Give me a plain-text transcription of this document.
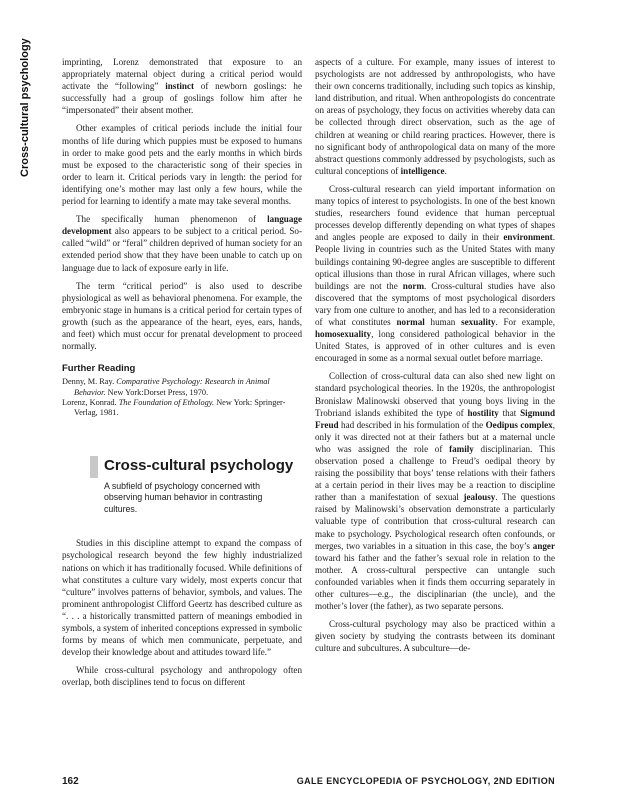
Cross-cultural psychology	imprinting, Lorenz demonstrated that exposure to an appropriately maternal object during a critical period would activate the “following” instinct of newborn goslings: he successfully had a group of goslings follow him after he “impersonated” their absent mother.

Other examples of critical periods include the initial four months of life during which puppies must be exposed to humans in order to make good pets and the early months in which birds must be exposed to the characteristic song of their species in order to learn it. Critical periods vary in length: the period for identifying one’s mother may last only a few hours, while the period for learning to identify a mate may take several months.

The specifically human phenomenon of language development also appears to be subject to a critical period. So-called “wild” or “feral” children deprived of human society for an extended period show that they have been unable to catch up on language due to lack of exposure early in life.

The term “critical period” is also used to describe physiological as well as behavioral phenomena. For example, the embryonic stage in humans is a critical period for certain types of growth (such as the appearance of the heart, eyes, ears, hands, and feet) which must occur for prenatal development to proceed normally.

Further Reading
Denny, M. Ray. Comparative Psychology: Research in Animal Behavior. New York:Dorset Press, 1970.
Lorenz, Konrad. The Foundation of Ethology. New York: Springer-Verlag, 1981.
Cross-cultural psychology
A subfield of psychology concerned with observing human behavior in contrasting cultures.

Studies in this discipline attempt to expand the compass of psychological research beyond the few highly industrialized nations on which it has traditionally focused. While definitions of what constitutes a culture vary widely, most experts concur that “culture” involves patterns of behavior, symbols, and values. The prominent anthropologist Clifford Geertz has described culture as “. . . a historically transmitted pattern of meanings embodied in symbols, a system of inherited conceptions expressed in symbolic forms by means of which men communicate, perpetuate, and develop their knowledge about and attitudes toward life.”

While cross-cultural psychology and anthropology often overlap, both disciplines tend to focus on different

aspects of a culture. For example, many issues of interest to psychologists are not addressed by anthropologists, who have their own concerns traditionally, including such topics as kinship, land distribution, and ritual. When anthropologists do concentrate on areas of psychology, they focus on activities whereby data can be collected through direct observation, such as the age of children at weaning or child rearing practices. However, there is no significant body of anthropological data on many of the more abstract questions commonly addressed by psychologists, such as cultural conceptions of intelligence.

Cross-cultural research can yield important information on many topics of interest to psychologists. In one of the best known studies, researchers found evidence that human perceptual processes develop differently depending on what types of shapes and angles people are exposed to daily in their environment. People living in countries such as the United States with many buildings containing 90-degree angles are susceptible to different optical illusions than those in rural African villages, where such buildings are not the norm. Cross-cultural studies have also discovered that the symptoms of most psychological disorders vary from one culture to another, and has led to a reconsideration of what constitutes normal human sexuality. For example, homosexuality, long considered pathological behavior in the United States, is approved of in other cultures and is even encouraged in some as a normal sexual outlet before marriage.

Collection of cross-cultural data can also shed new light on standard psychological theories. In the 1920s, the anthropologist Bronislaw Malinowski observed that young boys living in the Trobriand islands exhibited the type of hostility that Sigmund Freud had described in his formulation of the Oedipus complex, only it was directed not at their fathers but at a maternal uncle who was assigned the role of family disciplinarian. This observation posed a challenge to Freud’s oedipal theory by raising the possibility that boys’ tense relations with their fathers at a certain period in their lives may be a reaction to discipline rather than a manifestation of sexual jealousy. The questions raised by Malinowski’s observation demonstrate a particularly valuable type of contribution that cross-cultural research can make to psychology. Psychological research often confounds, or merges, two variables in a situation in this case, the boy’s anger toward his father and the father’s sexual role in relation to the mother. A cross-cultural perspective can untangle such confounded variables when it finds them occurring separately in other cultures—e.g., the disciplinarian (the uncle), and the mother’s lover (the father), as two separate persons.

Cross-cultural psychology may also be practiced within a given society by studying the contrasts between its dominant culture and subcultures. A subculture—de-

162	GALE ENCYCLOPEDIA OF PSYCHOLOGY, 2ND EDITION
